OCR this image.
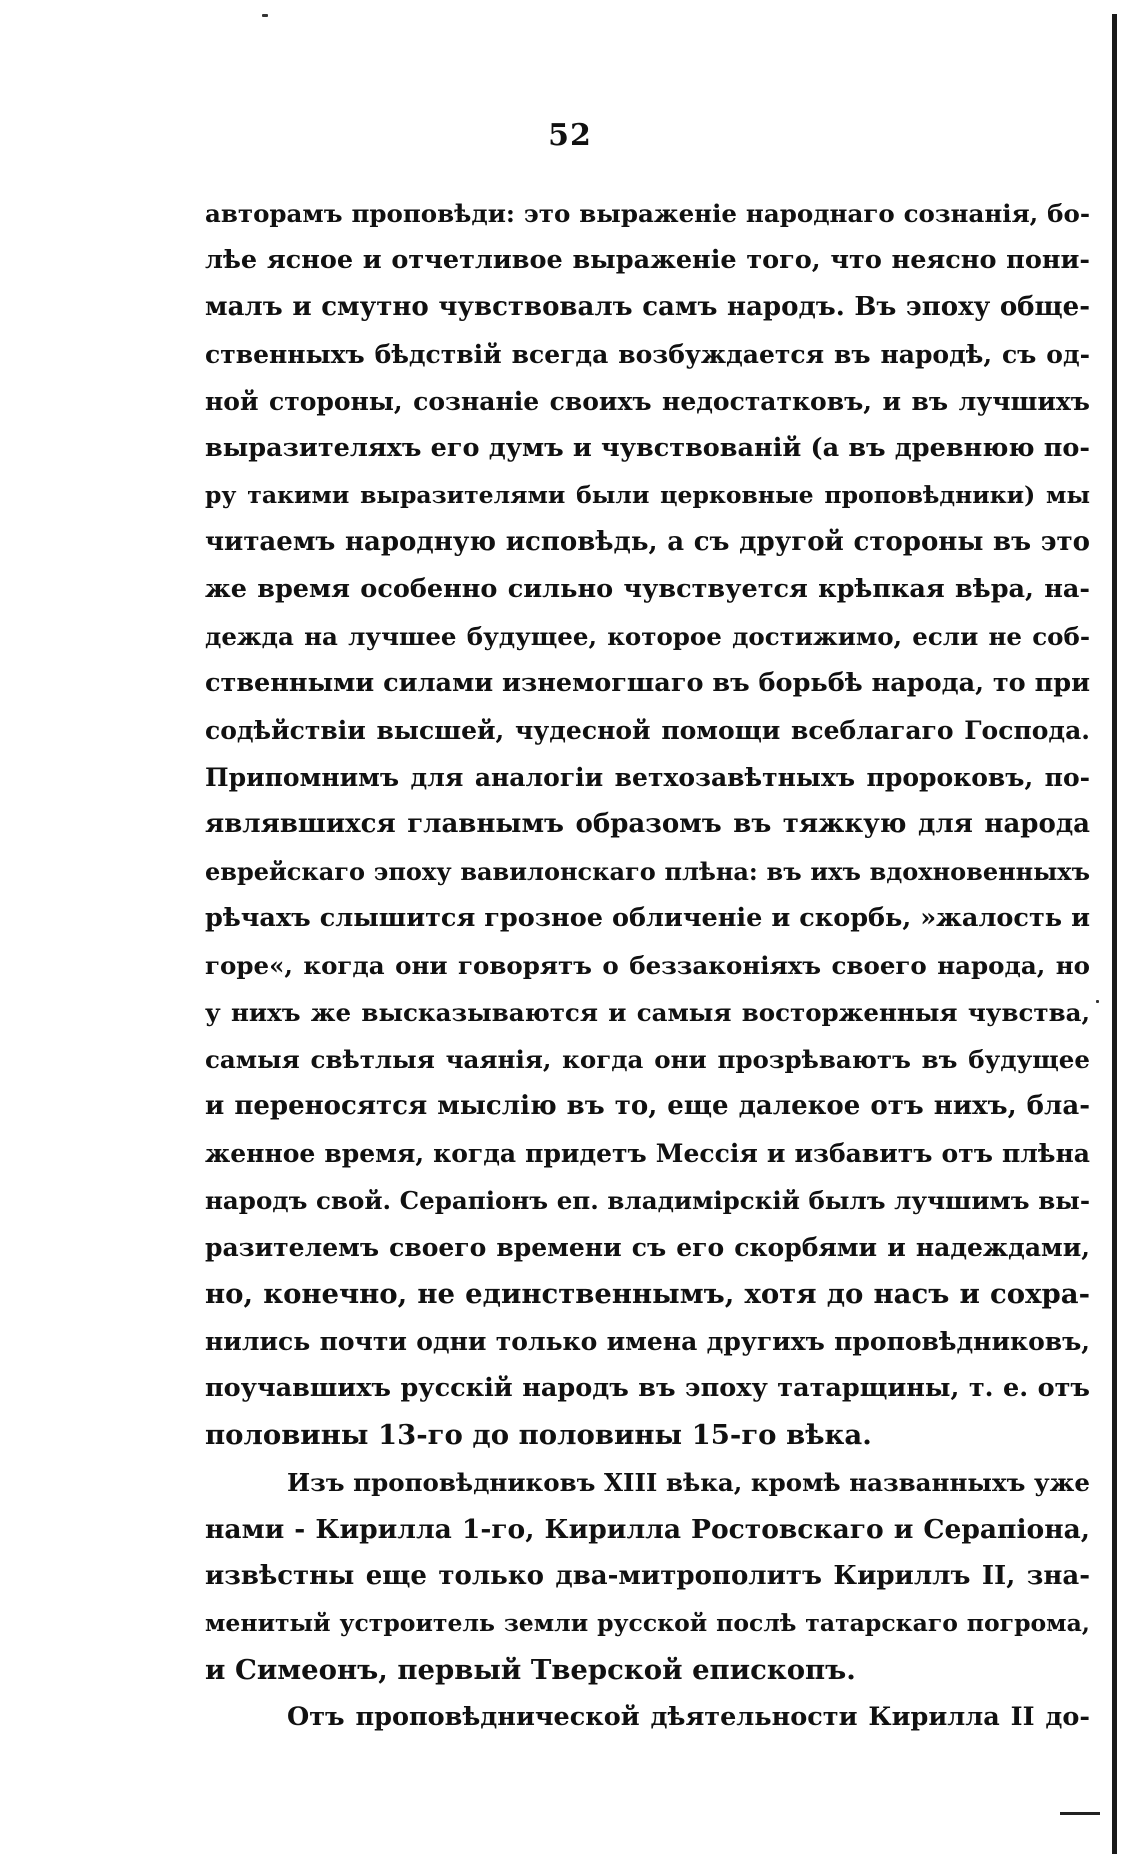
52
авторамъ проповѣди: это выраженіе народнаго сознанія, бо-
лѣе ясное и отчетливое выраженіе того, что неясно пони-
малъ и смутно чувствовалъ самъ народъ. Въ эпоху обще-
ственныхъ бѣдствій всегда возбуждается въ народѣ, съ од-
ной стороны, сознаніе своихъ недостатковъ, и въ лучшихъ
выразителяхъ его думъ и чувствованій (а въ древнюю по-
ру такими выразителями были церковные проповѣдники) мы
читаемъ народную исповѣдь, а съ другой стороны въ это
же время особенно сильно чувствуется крѣпкая вѣра, на-
дежда на лучшее будущее, которое достижимо, если не соб-
ственными силами изнемогшаго въ борьбѣ народа, то при
содѣйствіи высшей, чудесной помощи всеблагаго Господа.
Припомнимъ для аналогіи ветхозавѣтныхъ пророковъ, по-
являвшихся главнымъ образомъ въ тяжкую для народа
еврейскаго эпоху вавилонскаго плѣна: въ ихъ вдохновенныхъ
рѣчахъ слышится грозное обличеніе и скорбь, »жалость и
горе«, когда они говорятъ о беззаконіяхъ своего народа, но
у нихъ же высказываются и самыя восторженныя чувства,
самыя свѣтлыя чаянія, когда они прозрѣваютъ въ будущее
и переносятся мыслію въ то, еще далекое отъ нихъ, бла-
женное время, когда придетъ Мессія и избавитъ отъ плѣна
народъ свой. Серапіонъ еп. владимірскій былъ лучшимъ вы-
разителемъ своего времени съ его скорбями и надеждами,
но, конечно, не единственнымъ, хотя до насъ и сохра-
нились почти одни только имена другихъ проповѣдниковъ,
поучавшихъ русскій народъ въ эпоху татарщины, т. е. отъ
половины 13-го до половины 15-го вѣка.
Изъ проповѣдниковъ XIII вѣка, кромѣ названныхъ уже
нами - Кирилла 1-го, Кирилла Ростовскаго и Серапіона,
извѣстны еще только два-митрополитъ Кириллъ II, зна-
менитый устроитель земли русской послѣ татарскаго погрома,
и Симеонъ, первый Тверской епископъ.
Отъ проповѣднической дѣятельности Кирилла II до-
